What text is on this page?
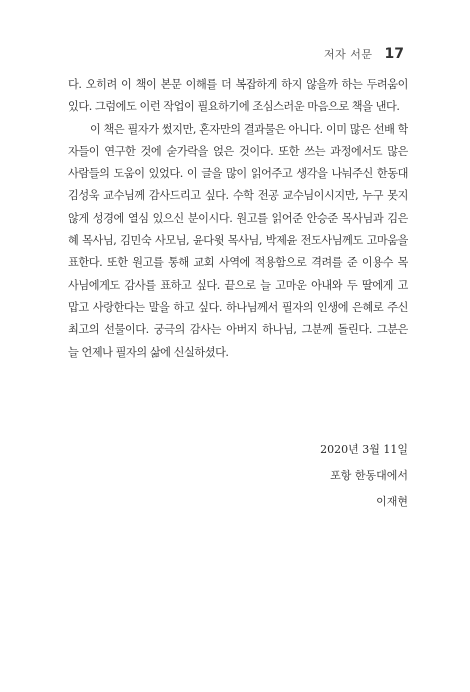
저자 서문 17
다. 오히려 이 책이 본문 이해를 더 복잡하게 하지 않을까 하는 두려움이
있다. 그럼에도 이런 작업이 필요하기에 조심스러운 마음으로 책을 낸다.
이 책은 필자가 썼지만, 혼자만의 결과물은 아니다. 이미 많은 선배 학
자들이 연구한 것에 숟가락을 얹은 것이다. 또한 쓰는 과정에서도 많은
사람들의 도움이 있었다. 이 글을 많이 읽어주고 생각을 나눠주신 한동대
김성욱 교수님께 감사드리고 싶다. 수학 전공 교수님이시지만, 누구 못지
않게 성경에 열심 있으신 분이시다. 원고를 읽어준 안승준 목사님과 김은
혜 목사님, 김민숙 사모님, 윤다윗 목사님, 박제윤 전도사님께도 고마움을
표한다. 또한 원고를 통해 교회 사역에 적용함으로 격려를 준 이용수 목
사님에게도 감사를 표하고 싶다. 끝으로 늘 고마운 아내와 두 딸에게 고
맙고 사랑한다는 말을 하고 싶다. 하나님께서 필자의 인생에 은혜로 주신
최고의 선물이다. 궁극의 감사는 아버지 하나님, 그분께 돌린다. 그분은
늘 언제나 필자의 삶에 신실하셨다.
2020년 3월 11일
포항 한동대에서
이재현
